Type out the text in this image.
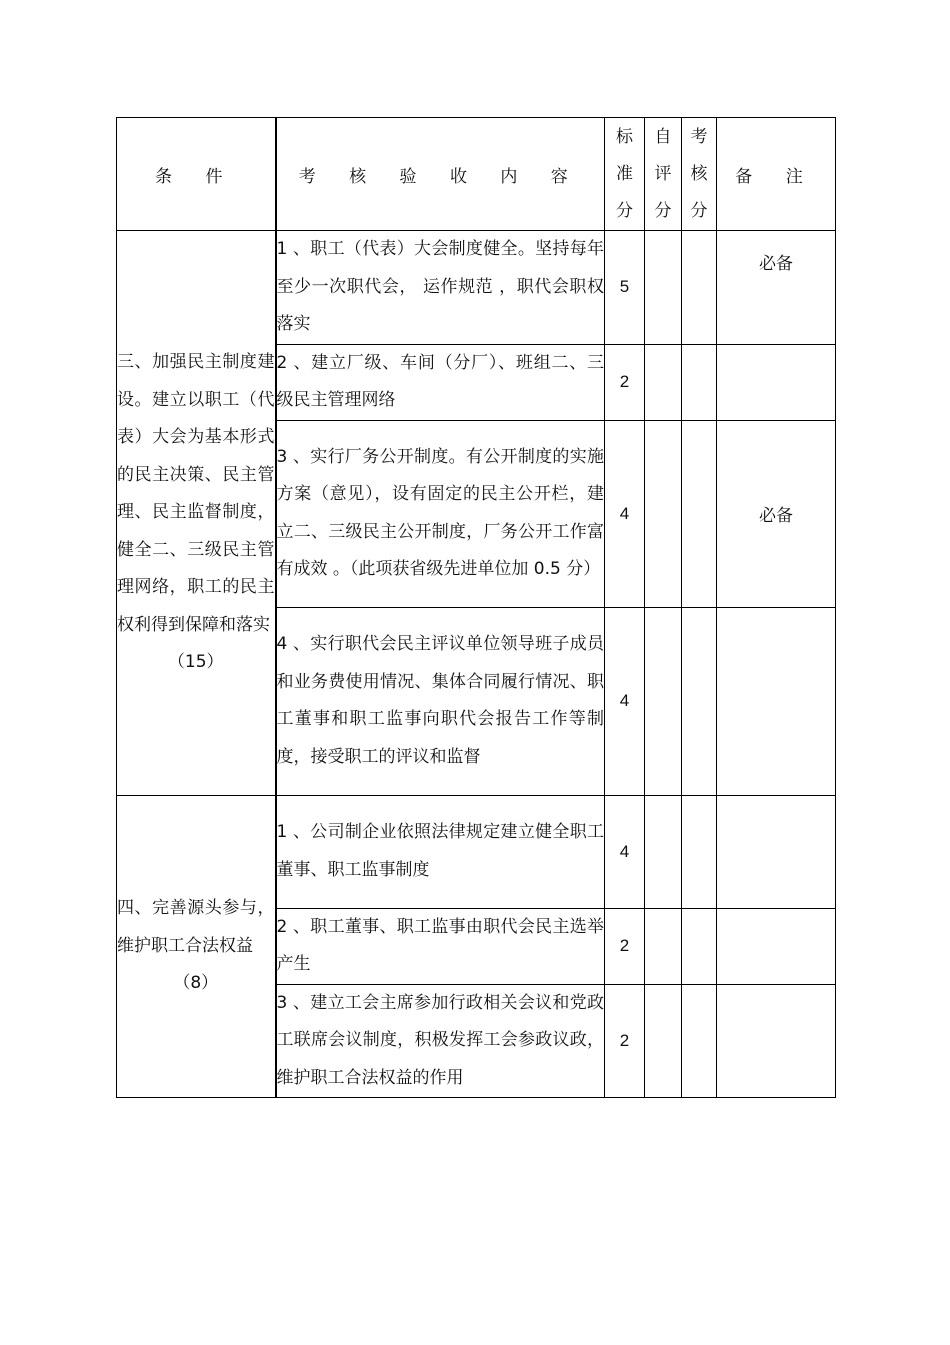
条 件	考 核 验 收 内 容	标
准
分	自
评
分	考
核
分	备 注
三、加强民主制度建设。建立以职工（代表）大会为基本形式的民主决策、民主管理、民主监督制度，健全二、三级民主管理网络，职工的民主权利得到保障和落实
（15）	1 、职工（代表）大会制度健全。坚持每年至少一次职代会， 运作规范 ，职代会职权落实	5			必备
	2 、建立厂级、车间（分厂）、班组二、三级民主管理网络	2			
	3 、实行厂务公开制度。有公开制度的实施方案（意见），设有固定的民主公开栏，建立二、三级民主公开制度，厂务公开工作富有成效 。（此项获省级先进单位加 0.5 分）	4			必备
	4 、实行职代会民主评议单位领导班子成员和业务费使用情况、集体合同履行情况、职工董事和职工监事向职代会报告工作等制度，接受职工的评议和监督	4			
四、完善源头参与，维护职工合法权益
（8）	1 、公司制企业依照法律规定建立健全职工董事、职工监事制度	4			
	2 、职工董事、职工监事由职代会民主选举产生	2			
	3 、建立工会主席参加行政相关会议和党政工联席会议制度，积极发挥工会参政议政，维护职工合法权益的作用	2			
